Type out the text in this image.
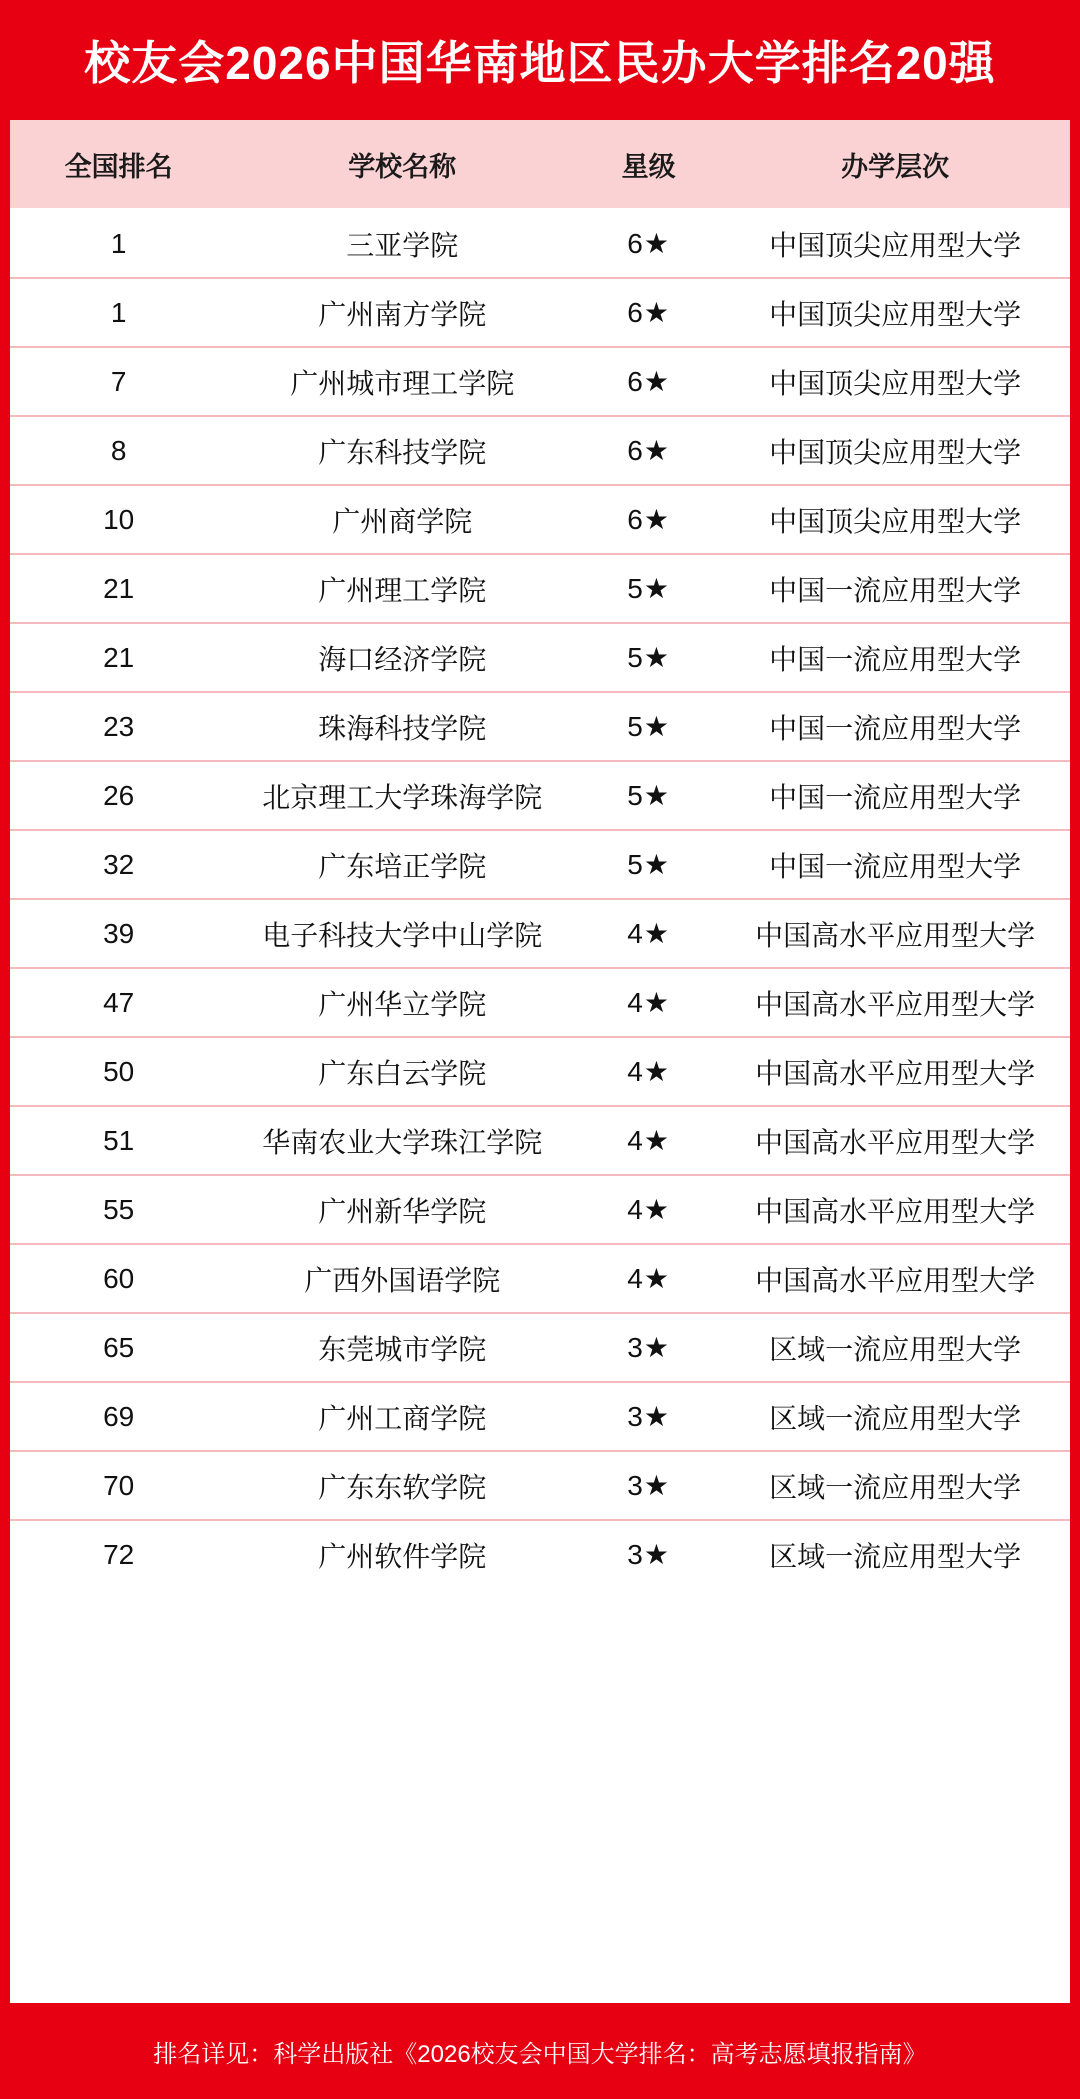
校友会2026中国华南地区民办大学排名20强
全国排名	学校名称	星级	办学层次
1	三亚学院	6★	中国顶尖应用型大学
1	广州南方学院	6★	中国顶尖应用型大学
7	广州城市理工学院	6★	中国顶尖应用型大学
8	广东科技学院	6★	中国顶尖应用型大学
10	广州商学院	6★	中国顶尖应用型大学
21	广州理工学院	5★	中国一流应用型大学
21	海口经济学院	5★	中国一流应用型大学
23	珠海科技学院	5★	中国一流应用型大学
26	北京理工大学珠海学院	5★	中国一流应用型大学
32	广东培正学院	5★	中国一流应用型大学
39	电子科技大学中山学院	4★	中国高水平应用型大学
47	广州华立学院	4★	中国高水平应用型大学
50	广东白云学院	4★	中国高水平应用型大学
51	华南农业大学珠江学院	4★	中国高水平应用型大学
55	广州新华学院	4★	中国高水平应用型大学
60	广西外国语学院	4★	中国高水平应用型大学
65	东莞城市学院	3★	区域一流应用型大学
69	广州工商学院	3★	区域一流应用型大学
70	广东东软学院	3★	区域一流应用型大学
72	广州软件学院	3★	区域一流应用型大学
排名详见：科学出版社《2026校友会中国大学排名：高考志愿填报指南》
